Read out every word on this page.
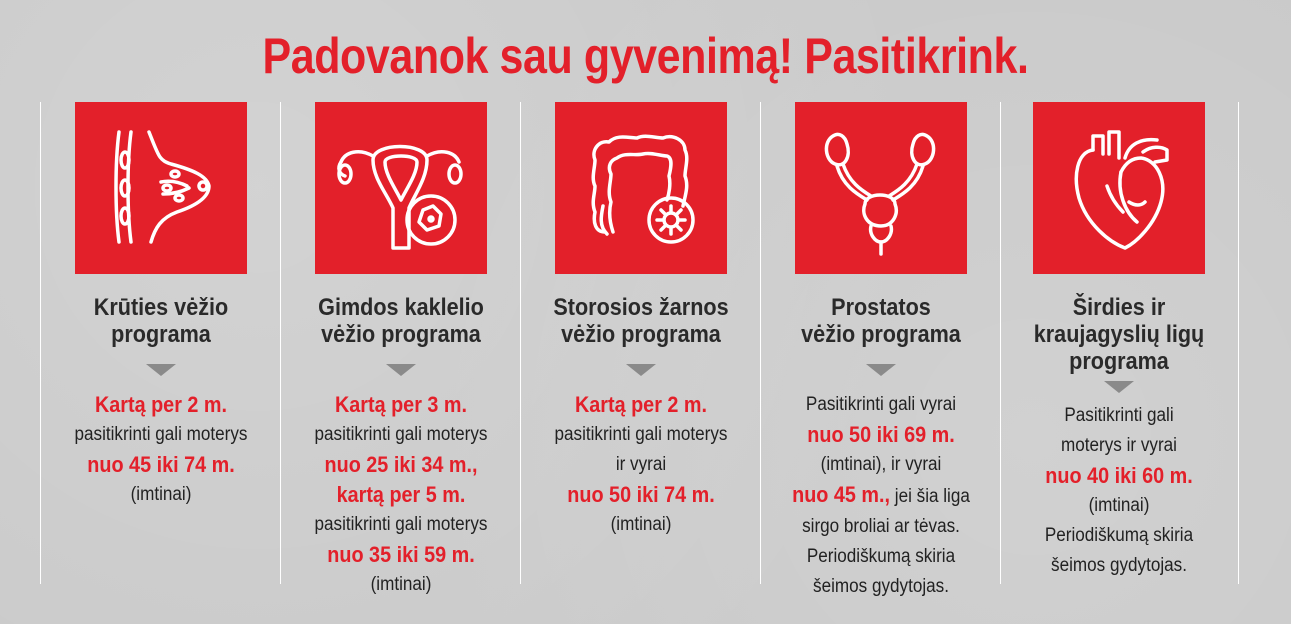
Padovanok sau gyvenimą! Pasitikrink.
Krūties vėžio
programa
Kartą per 2 m.
pasitikrinti gali moterys
nuo 45 iki 74 m.
(imtinai)
Gimdos kaklelio
vėžio programa
Kartą per 3 m.
pasitikrinti gali moterys
nuo 25 iki 34 m.,
kartą per 5 m.
pasitikrinti gali moterys
nuo 35 iki 59 m.
(imtinai)
Storosios žarnos
vėžio programa
Kartą per 2 m.
pasitikrinti gali moterys
ir vyrai
nuo 50 iki 74 m.
(imtinai)
Prostatos
vėžio programa
Pasitikrinti gali vyrai
nuo 50 iki 69 m.
(imtinai), ir vyrai
nuo 45 m., jei šia liga
sirgo broliai ar tėvas.
Periodiškumą skiria
šeimos gydytojas.
Širdies ir
kraujagyslių ligų
programa
Pasitikrinti gali
moterys ir vyrai
nuo 40 iki 60 m.
(imtinai)
Periodiškumą skiria
šeimos gydytojas.
